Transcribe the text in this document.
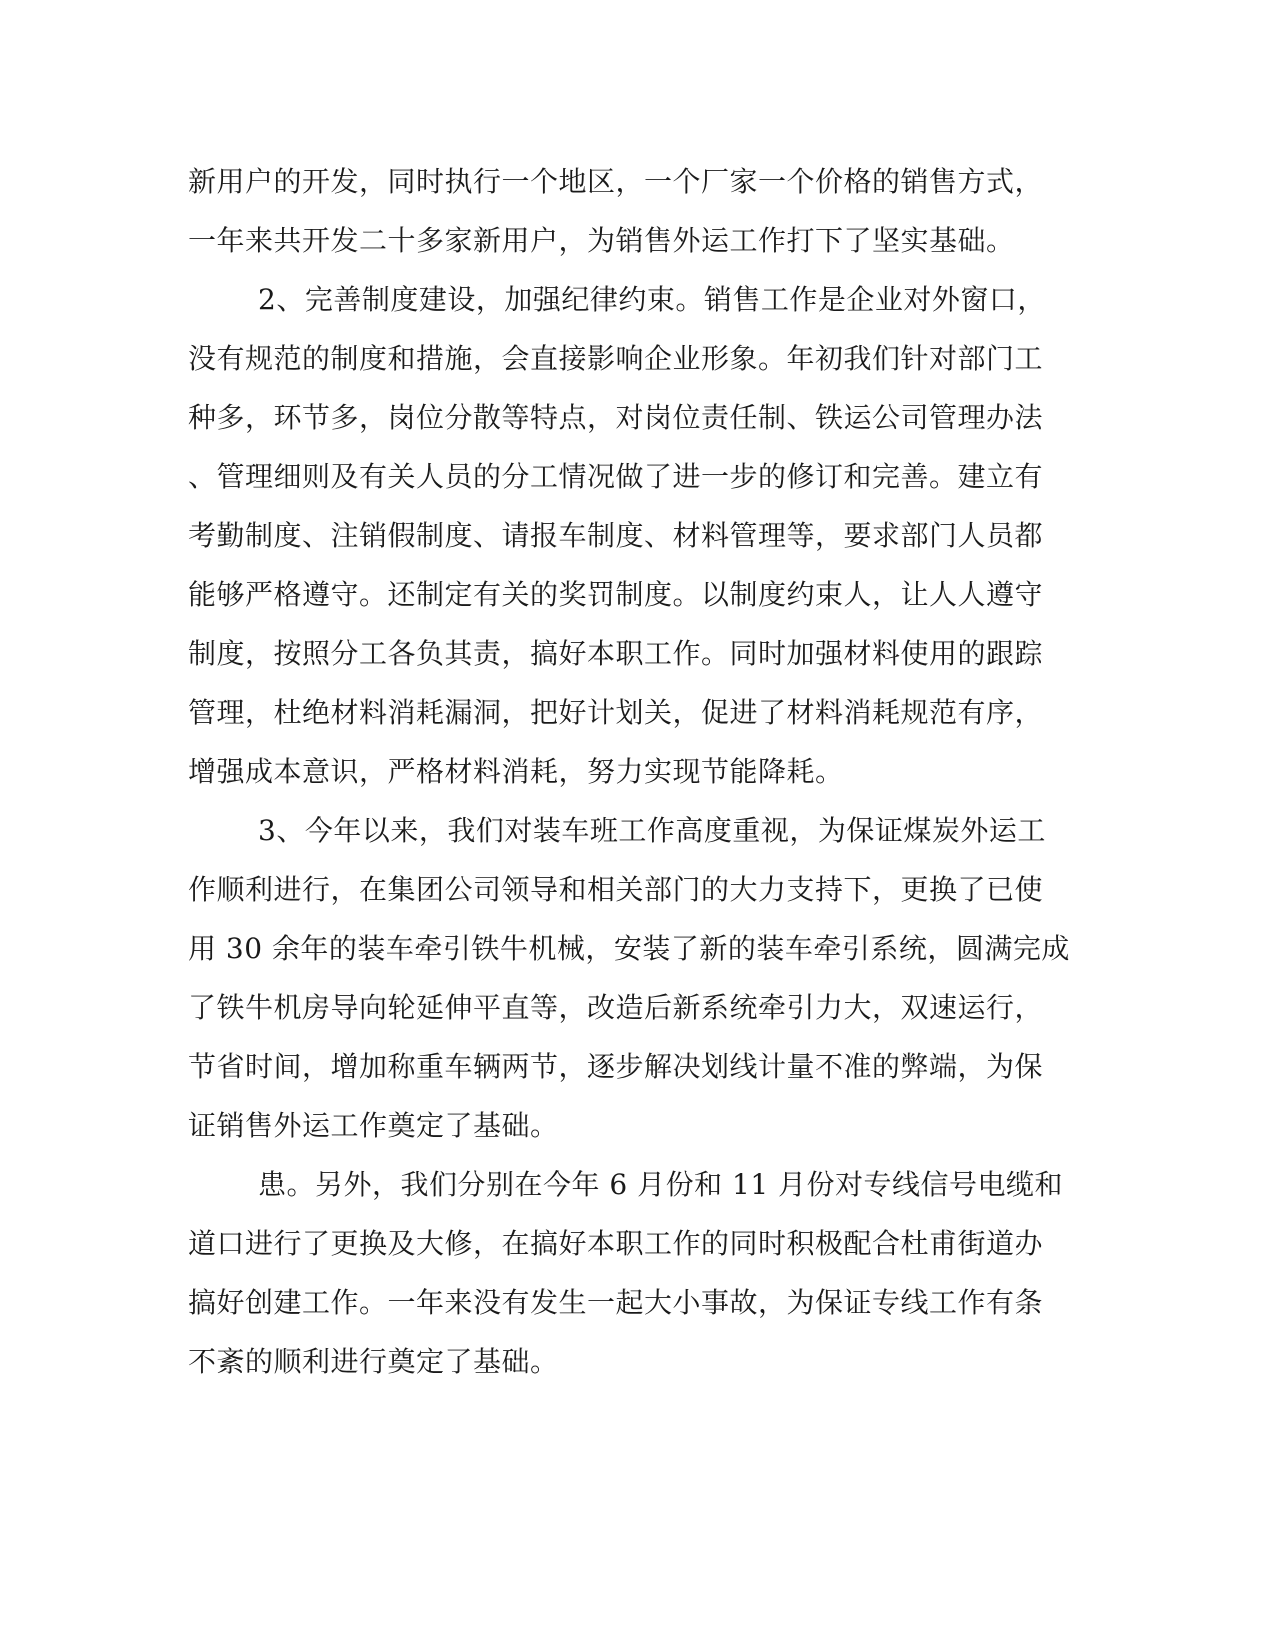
新用户的开发，同时执行一个地区，一个厂家一个价格的销售方式，
一年来共开发二十多家新用户，为销售外运工作打下了坚实基础。
2、完善制度建设，加强纪律约束。销售工作是企业对外窗口，
没有规范的制度和措施，会直接影响企业形象。年初我们针对部门工
种多，环节多，岗位分散等特点，对岗位责任制、铁运公司管理办法
、管理细则及有关人员的分工情况做了进一步的修订和完善。建立有
考勤制度、注销假制度、请报车制度、材料管理等，要求部门人员都
能够严格遵守。还制定有关的奖罚制度。以制度约束人，让人人遵守
制度，按照分工各负其责，搞好本职工作。同时加强材料使用的跟踪
管理，杜绝材料消耗漏洞，把好计划关，促进了材料消耗规范有序，
增强成本意识，严格材料消耗，努力实现节能降耗。
3、今年以来，我们对装车班工作高度重视，为保证煤炭外运工
作顺利进行，在集团公司领导和相关部门的大力支持下，更换了已使
用 30 余年的装车牵引铁牛机械，安装了新的装车牵引系统，圆满完成
了铁牛机房导向轮延伸平直等，改造后新系统牵引力大，双速运行，
节省时间，增加称重车辆两节，逐步解决划线计量不准的弊端，为保
证销售外运工作奠定了基础。
患。另外，我们分别在今年 6 月份和 11 月份对专线信号电缆和
道口进行了更换及大修，在搞好本职工作的同时积极配合杜甫街道办
搞好创建工作。一年来没有发生一起大小事故，为保证专线工作有条
不紊的顺利进行奠定了基础。
